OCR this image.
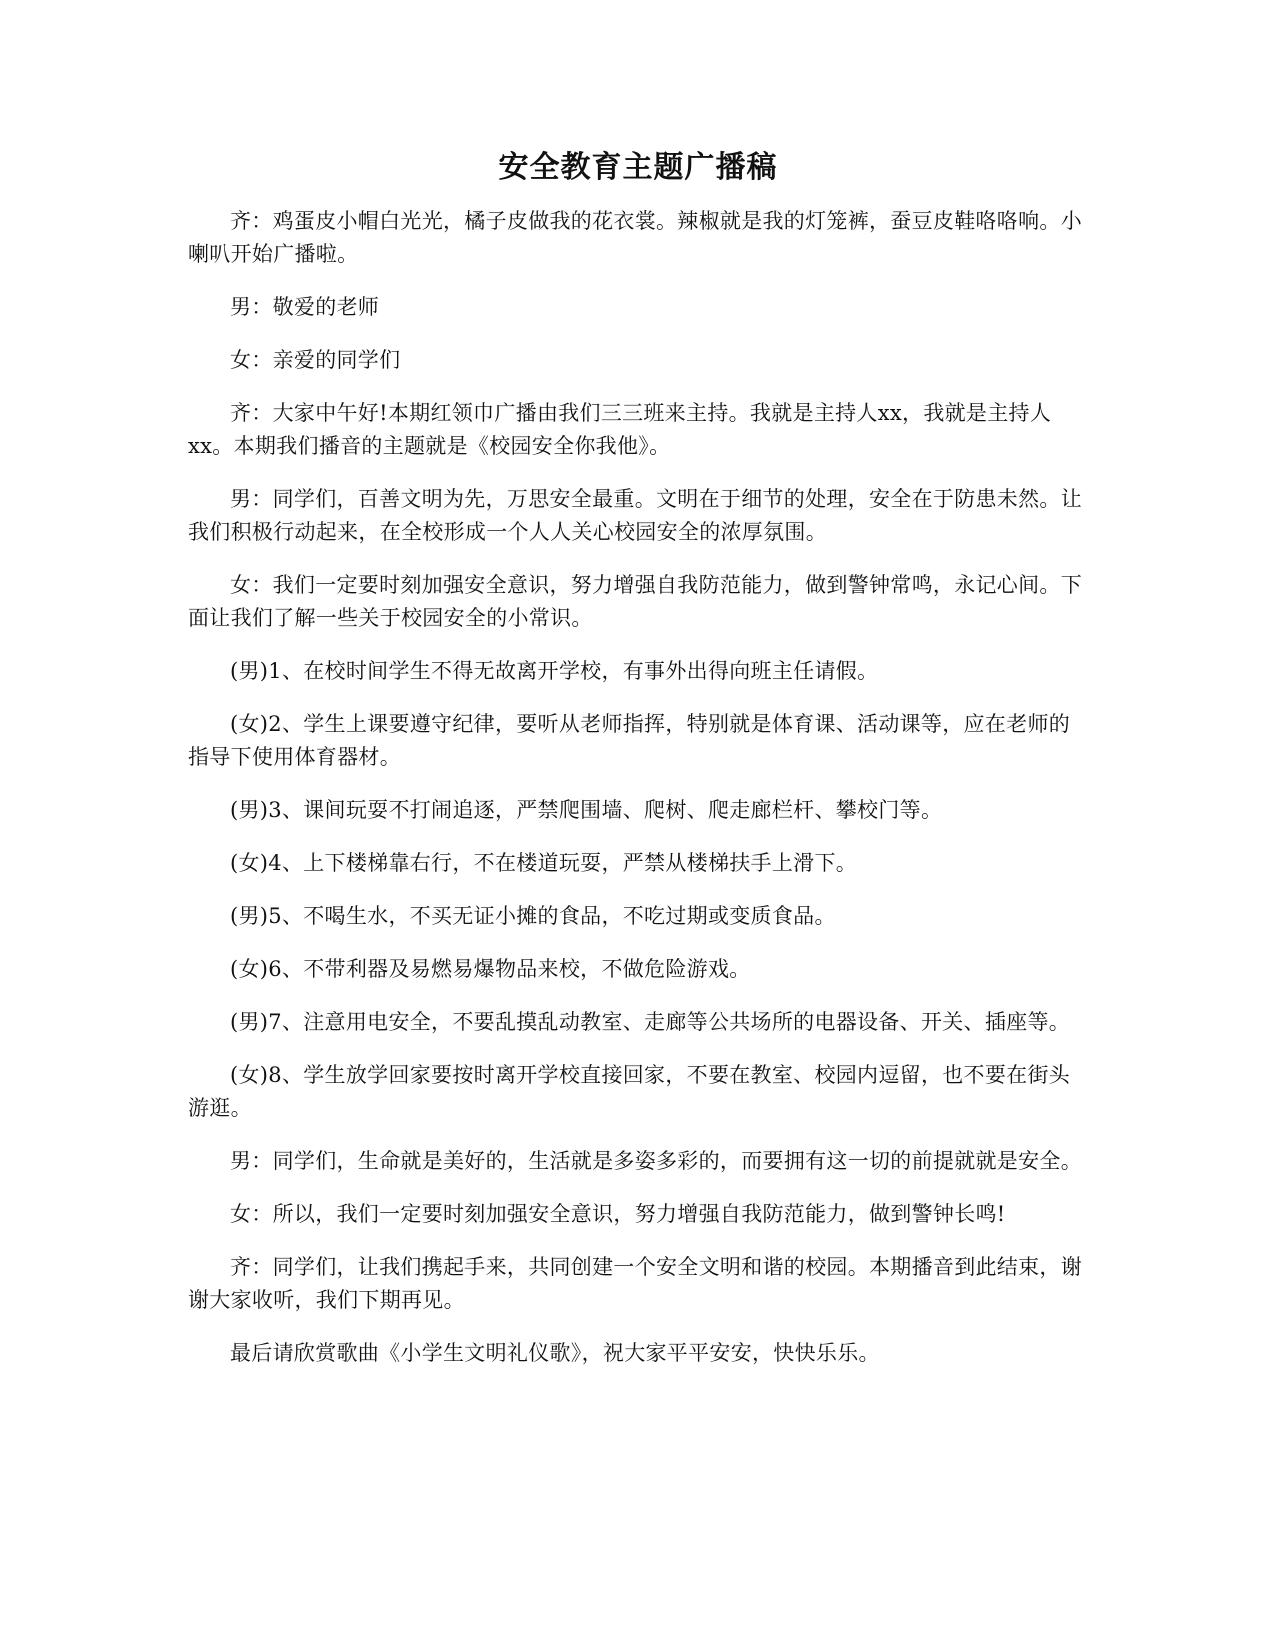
安全教育主题广播稿

齐：鸡蛋皮小帽白光光，橘子皮做我的花衣裳。辣椒就是我的灯笼裤，蚕豆皮鞋咯咯响。小喇叭开始广播啦。

男：敬爱的老师

女：亲爱的同学们

齐：大家中午好!本期红领巾广播由我们三三班来主持。我就是主持人xx，我就是主持人xx。本期我们播音的主题就是《校园安全你我他》。

男：同学们，百善文明为先，万思安全最重。文明在于细节的处理，安全在于防患未然。让我们积极行动起来，在全校形成一个人人关心校园安全的浓厚氛围。

女：我们一定要时刻加强安全意识，努力增强自我防范能力，做到警钟常鸣，永记心间。下面让我们了解一些关于校园安全的小常识。

(男)1、在校时间学生不得无故离开学校，有事外出得向班主任请假。

(女)2、学生上课要遵守纪律，要听从老师指挥，特别就是体育课、活动课等，应在老师的指导下使用体育器材。

(男)3、课间玩耍不打闹追逐，严禁爬围墙、爬树、爬走廊栏杆、攀校门等。

(女)4、上下楼梯靠右行，不在楼道玩耍，严禁从楼梯扶手上滑下。

(男)5、不喝生水，不买无证小摊的食品，不吃过期或变质食品。

(女)6、不带利器及易燃易爆物品来校，不做危险游戏。

(男)7、注意用电安全，不要乱摸乱动教室、走廊等公共场所的电器设备、开关、插座等。

(女)8、学生放学回家要按时离开学校直接回家，不要在教室、校园内逗留，也不要在街头游逛。

男：同学们，生命就是美好的，生活就是多姿多彩的，而要拥有这一切的前提就就是安全。

女：所以，我们一定要时刻加强安全意识，努力增强自我防范能力，做到警钟长鸣!

齐：同学们，让我们携起手来，共同创建一个安全文明和谐的校园。本期播音到此结束，谢谢大家收听，我们下期再见。

最后请欣赏歌曲《小学生文明礼仪歌》，祝大家平平安安，快快乐乐。
